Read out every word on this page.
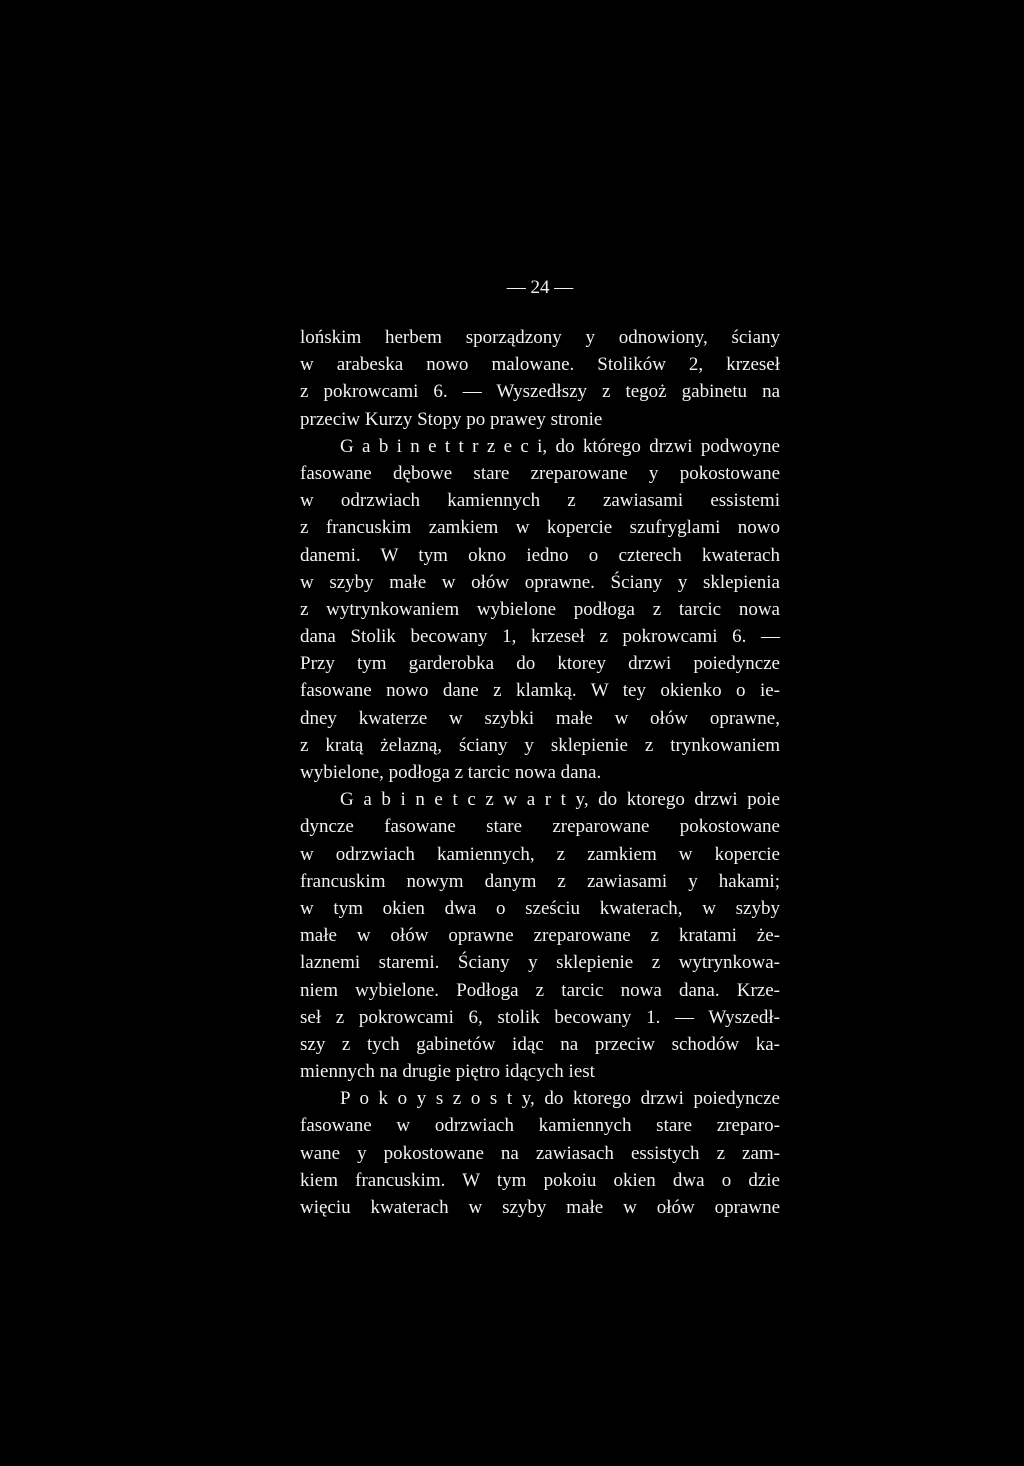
— 24 —
lońskim herbem sporządzony y odnowiony, ściany
w arabeska nowo malowane. Stolików 2, krzeseł
z pokrowcami 6. — Wyszedłszy z tegoż gabinetu na
przeciw Kurzy Stopy po prawey stronie
G a b i n e t t r z e c i, do którego drzwi podwoyne
fasowane dębowe stare zreparowane y pokostowane
w odrzwiach kamiennych z zawiasami essistemi
z francuskim zamkiem w kopercie szufryglami nowo
danemi. W tym okno iedno o czterech kwaterach
w szyby małe w ołów oprawne. Ściany y sklepienia
z wytrynkowaniem wybielone podłoga z tarcic nowa
dana Stolik becowany 1, krzeseł z pokrowcami 6. —
Przy tym garderobka do ktorey drzwi poiedyncze
fasowane nowo dane z klamką. W tey okienko o ie-
dney kwaterze w szybki małe w ołów oprawne,
z kratą żelazną, ściany y sklepienie z trynkowaniem
wybielone, podłoga z tarcic nowa dana.
G a b i n e t c z w a r t y, do ktorego drzwi poie
dyncze fasowane stare zreparowane pokostowane
w odrzwiach kamiennych, z zamkiem w kopercie
francuskim nowym danym z zawiasami y hakami;
w tym okien dwa o sześciu kwaterach, w szyby
małe w ołów oprawne zreparowane z kratami że-
laznemi staremi. Ściany y sklepienie z wytrynkowa-
niem wybielone. Podłoga z tarcic nowa dana. Krze-
seł z pokrowcami 6, stolik becowany 1. — Wyszedł-
szy z tych gabinetów idąc na przeciw schodów ka-
miennych na drugie piętro idących iest
P o k o y s z o s t y, do ktorego drzwi poiedyncze
fasowane w odrzwiach kamiennych stare zreparo-
wane y pokostowane na zawiasach essistych z zam-
kiem francuskim. W tym pokoiu okien dwa o dzie
więciu kwaterach w szyby małe w ołów oprawne
